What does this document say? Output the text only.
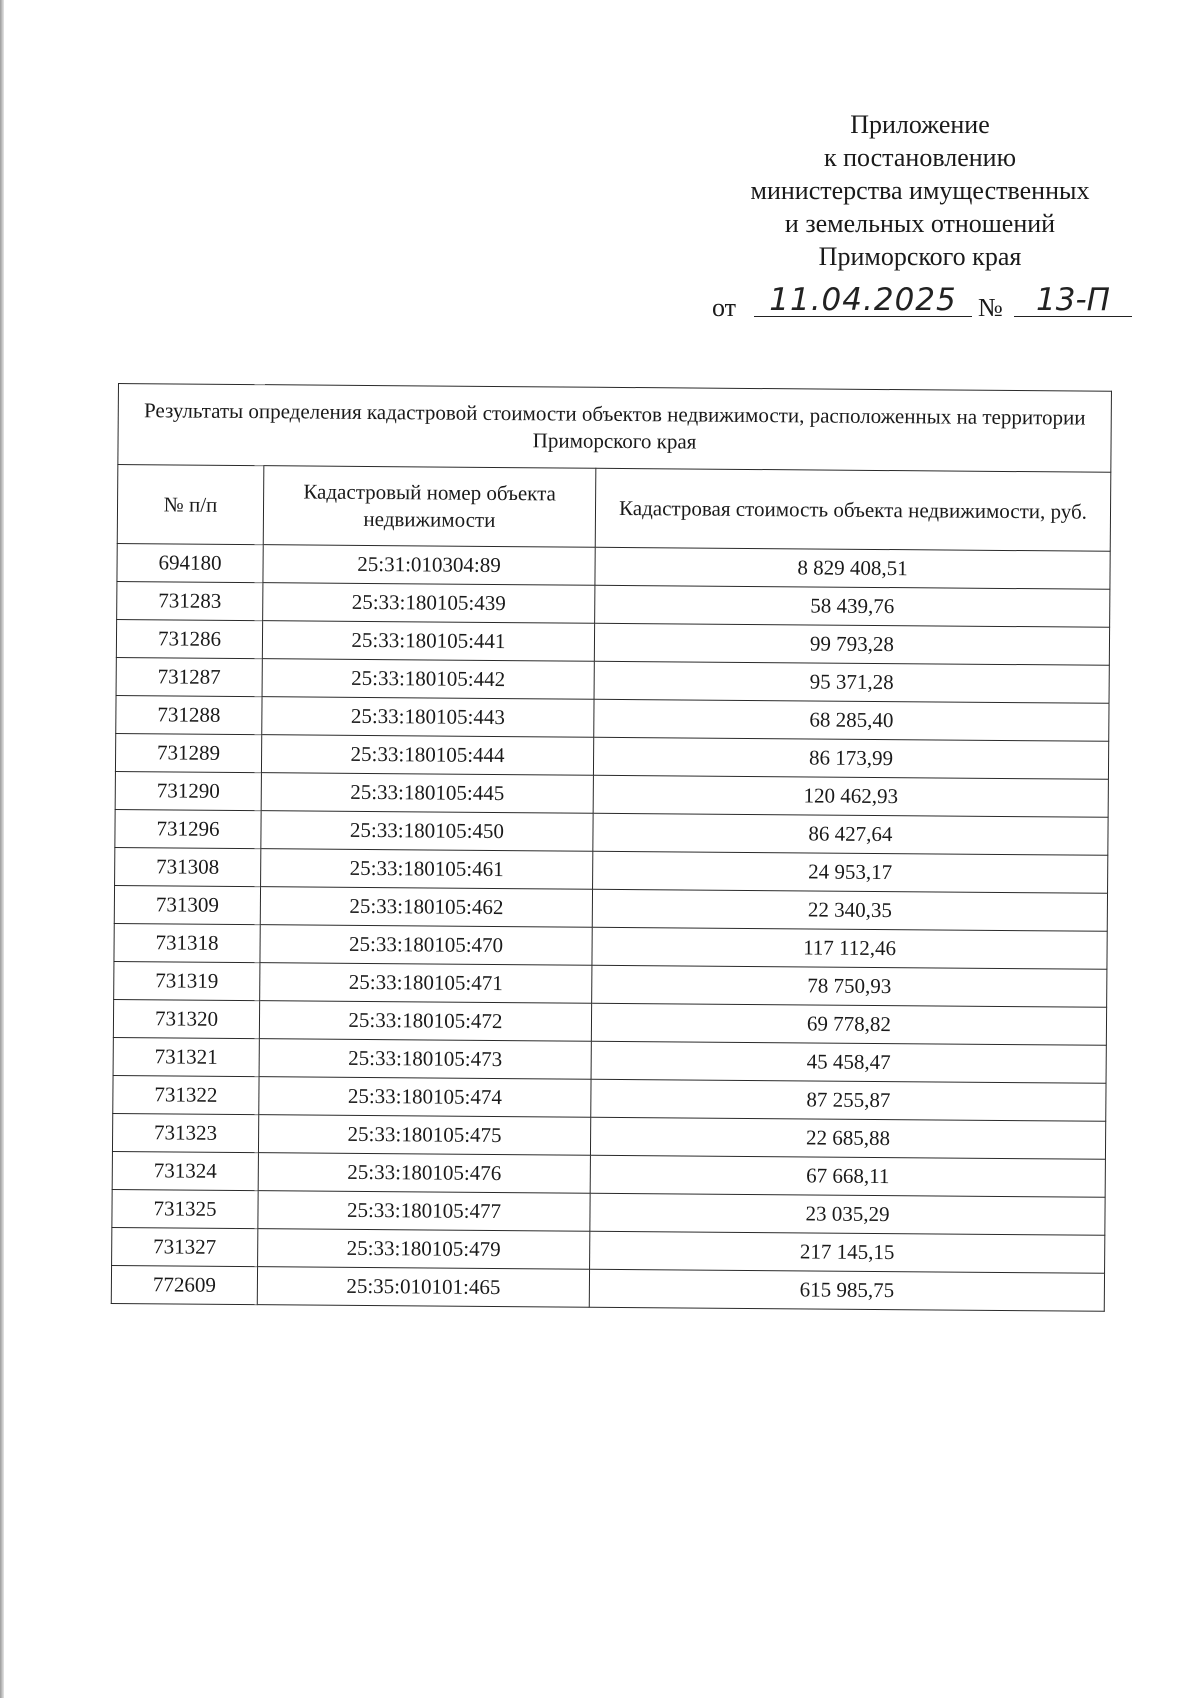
Приложение
к постановлению
министерства имущественных
и земельных отношений
Приморского края
от	11.04.2025 №	13-П
Результаты определения кадастровой стоимости объектов недвижимости, расположенных на территории Приморского края		
№ п/п	Кадастровый номер объекта недвижимости	Кадастровая стоимость объекта недвижимости, руб.
694180	25:31:010304:89	8 829 408,51
731283	25:33:180105:439	58 439,76
731286	25:33:180105:441	99 793,28
731287	25:33:180105:442	95 371,28
731288	25:33:180105:443	68 285,40
731289	25:33:180105:444	86 173,99
731290	25:33:180105:445	120 462,93
731296	25:33:180105:450	86 427,64
731308	25:33:180105:461	24 953,17
731309	25:33:180105:462	22 340,35
731318	25:33:180105:470	117 112,46
731319	25:33:180105:471	78 750,93
731320	25:33:180105:472	69 778,82
731321	25:33:180105:473	45 458,47
731322	25:33:180105:474	87 255,87
731323	25:33:180105:475	22 685,88
731324	25:33:180105:476	67 668,11
731325	25:33:180105:477	23 035,29
731327	25:33:180105:479	217 145,15
772609	25:35:010101:465	615 985,75
